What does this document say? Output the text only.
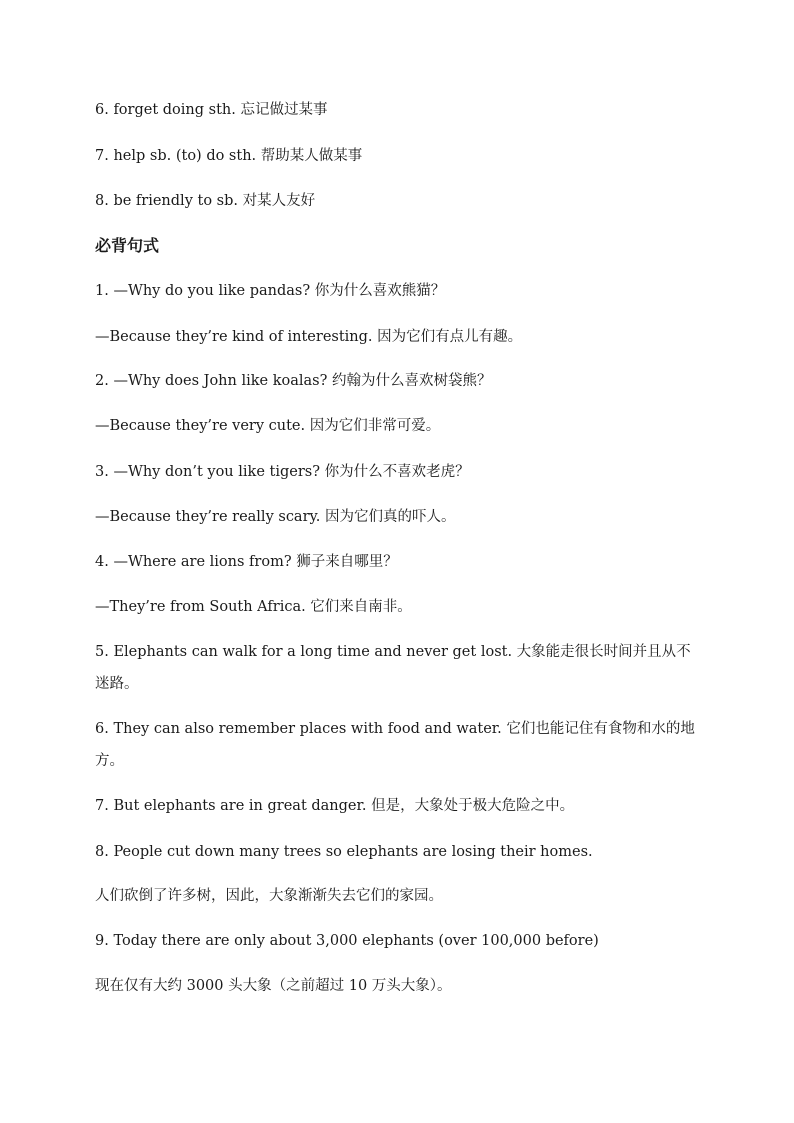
6. forget doing sth. 忘记做过某事
7. help sb. (to) do sth. 帮助某人做某事
8. be friendly to sb. 对某人友好
必背句式
1. —Why do you like pandas? 你为什么喜欢熊猫？
—Because they’re kind of interesting. 因为它们有点儿有趣。
2. —Why does John like koalas? 约翰为什么喜欢树袋熊？
—Because they’re very cute. 因为它们非常可爱。
3. —Why don’t you like tigers? 你为什么不喜欢老虎？
—Because they’re really scary. 因为它们真的吓人。
4. —Where are lions from? 狮子来自哪里？
—They’re from South Africa. 它们来自南非。
5. Elephants can walk for a long time and never get lost. 大象能走很长时间并且从不迷路。
6. They can also remember places with food and water. 它们也能记住有食物和水的地方。
7. But elephants are in great danger. 但是，大象处于极大危险之中。
8. People cut down many trees so elephants are losing their homes.
人们砍倒了许多树，因此，大象渐渐失去它们的家园。
9. Today there are only about 3,000 elephants (over 100,000 before)
现在仅有大约 3000 头大象（之前超过 10 万头大象）。
